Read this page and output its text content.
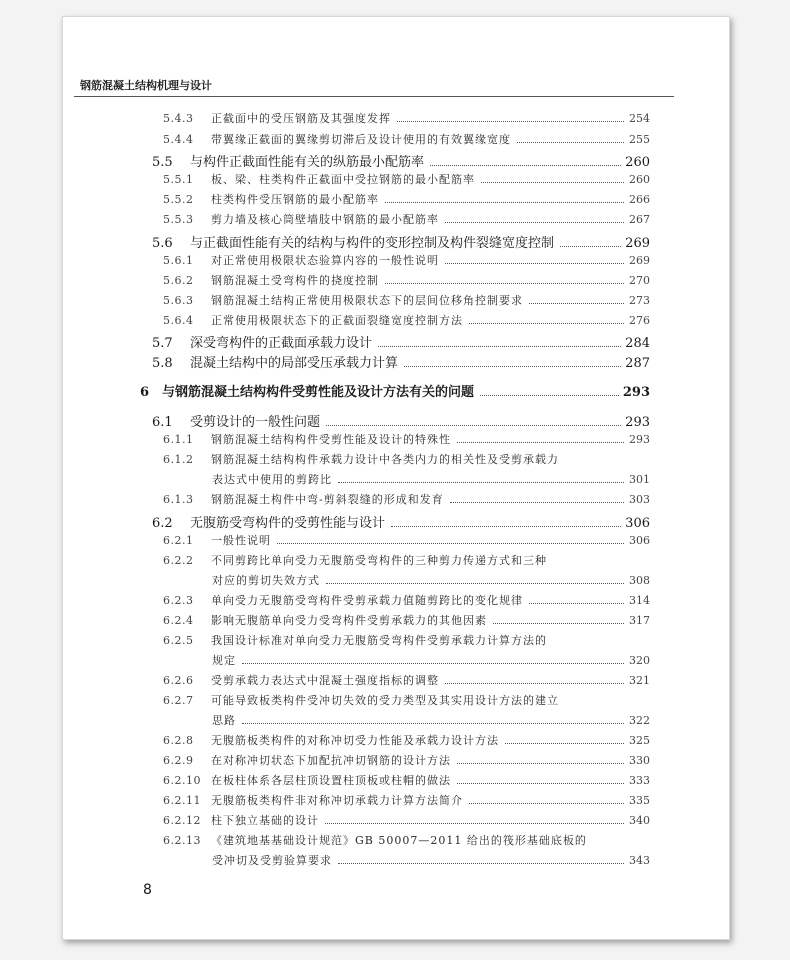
钢筋混凝土结构机理与设计
5.4.3	正截面中的受压钢筋及其强度发挥	254
5.4.4	带翼缘正截面的翼缘剪切滞后及设计使用的有效翼缘宽度	255
5.5	与构件正截面性能有关的纵筋最小配筋率	260
5.5.1	板、梁、柱类构件正截面中受拉钢筋的最小配筋率	260
5.5.2	柱类构件受压钢筋的最小配筋率	266
5.5.3	剪力墙及核心筒壁墙肢中钢筋的最小配筋率	267
5.6	与正截面性能有关的结构与构件的变形控制及构件裂缝宽度控制	269
5.6.1	对正常使用极限状态验算内容的一般性说明	269
5.6.2	钢筋混凝土受弯构件的挠度控制	270
5.6.3	钢筋混凝土结构正常使用极限状态下的层间位移角控制要求	273
5.6.4	正常使用极限状态下的正截面裂缝宽度控制方法	276
5.7	深受弯构件的正截面承载力设计	284
5.8	混凝土结构中的局部受压承载力计算	287
6 与钢筋混凝土结构构件受剪性能及设计方法有关的问题	293
6.1	受剪设计的一般性问题	293
6.1.1	钢筋混凝土结构构件受剪性能及设计的特殊性	293
6.1.2	钢筋混凝土结构构件承载力设计中各类内力的相关性及受剪承载力
表达式中使用的剪跨比	301
6.1.3	钢筋混凝土构件中弯-剪斜裂缝的形成和发育	303
6.2	无腹筋受弯构件的受剪性能与设计	306
6.2.1	一般性说明	306
6.2.2	不同剪跨比单向受力无腹筋受弯构件的三种剪力传递方式和三种
对应的剪切失效方式	308
6.2.3	单向受力无腹筋受弯构件受剪承载力值随剪跨比的变化规律	314
6.2.4	影响无腹筋单向受力受弯构件受剪承载力的其他因素	317
6.2.5	我国设计标准对单向受力无腹筋受弯构件受剪承载力计算方法的
规定	320
6.2.6	受剪承载力表达式中混凝土强度指标的调整	321
6.2.7	可能导致板类构件受冲切失效的受力类型及其实用设计方法的建立
思路	322
6.2.8	无腹筋板类构件的对称冲切受力性能及承载力设计方法	325
6.2.9	在对称冲切状态下加配抗冲切钢筋的设计方法	330
6.2.10 在板柱体系各层柱顶设置柱顶板或柱帽的做法	333
6.2.11 无腹筋板类构件非对称冲切承载力计算方法简介	335
6.2.12 柱下独立基础的设计	340
6.2.13 《建筑地基基础设计规范》GB 50007—2011 给出的筏形基础底板的
受冲切及受剪验算要求	343
8
